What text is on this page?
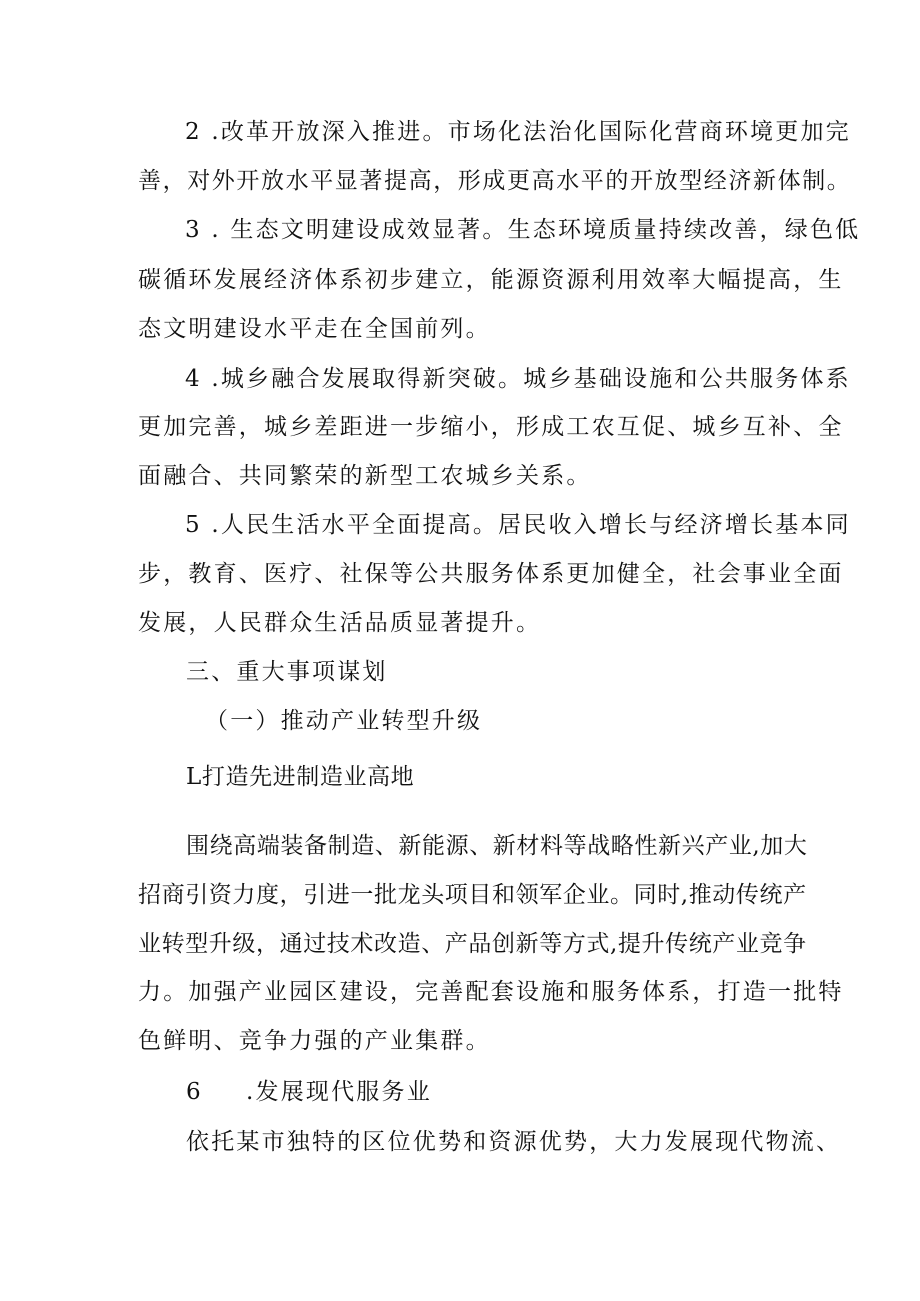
2 .改革开放深入推进。市场化法治化国际化营商环境更加完
善，对外开放水平显著提高，形成更高水平的开放型经济新体制。
3 . 生态文明建设成效显著。生态环境质量持续改善，绿色低
碳循环发展经济体系初步建立，能源资源利用效率大幅提高，生
态文明建设水平走在全国前列。
4 .城乡融合发展取得新突破。城乡基础设施和公共服务体系
更加完善，城乡差距进一步缩小，形成工农互促、城乡互补、全
面融合、共同繁荣的新型工农城乡关系。
5 .人民生活水平全面提高。居民收入增长与经济增长基本同
步，教育、医疗、社保等公共服务体系更加健全，社会事业全面
发展，人民群众生活品质显著提升。
三、重大事项谋划
（一）推动产业转型升级
L打造先进制造业高地
围绕高端装备制造、新能源、新材料等战略性新兴产业,加大
招商引资力度，引进一批龙头项目和领军企业。同时,推动传统产
业转型升级，通过技术改造、产品创新等方式,提升传统产业竞争
力。加强产业园区建设，完善配套设施和服务体系，打造一批特
色鲜明、竞争力强的产业集群。
6 .发展现代服务业
依托某市独特的区位优势和资源优势，大力发展现代物流、
